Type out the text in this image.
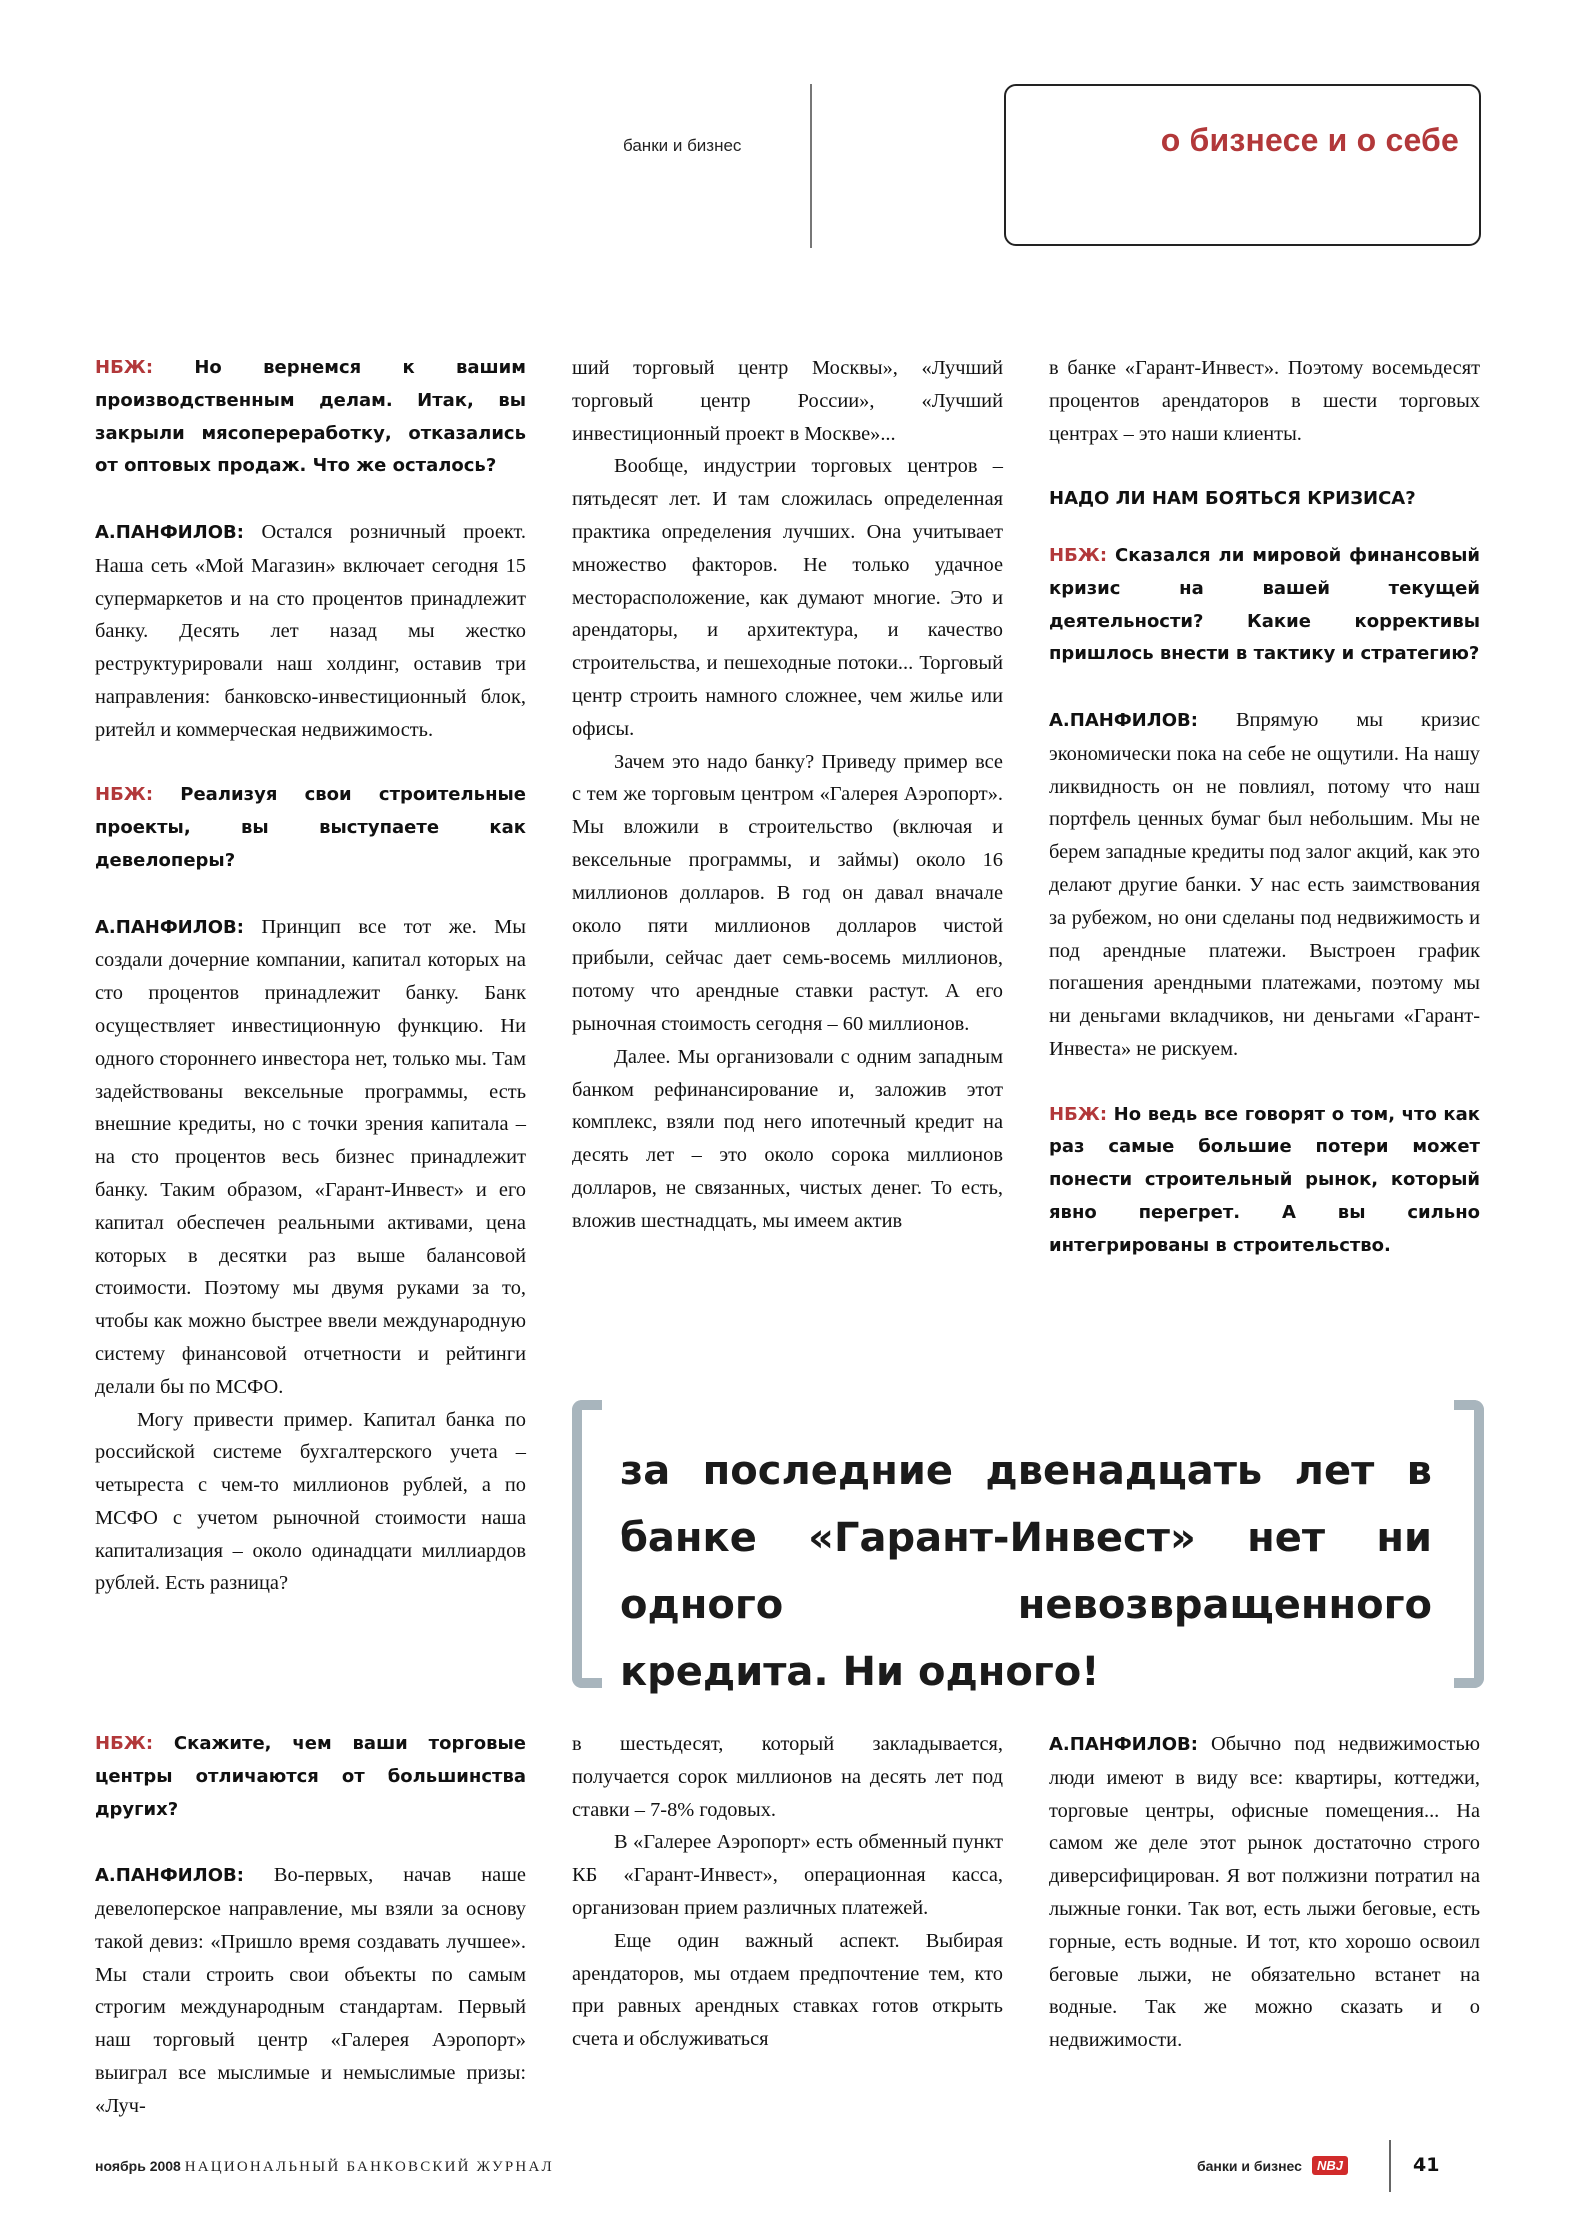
банки и бизнес	о бизнесе и о себе

НБЖ: Но вернемся к вашим производственным делам. Итак, вы закрыли мясопереработку, отказались от оптовых продаж. Что же осталось?

А.ПАНФИЛОВ: Остался розничный проект. Наша сеть «Мой Магазин» включает сегодня 15 супермаркетов и на сто процентов принадлежит банку. Десять лет назад мы жестко реструктурировали наш холдинг, оставив три направления: банковско-инвестиционный блок, ритейл и коммерческая недвижимость.

НБЖ: Реализуя свои строительные проекты, вы выступаете как девелоперы?

А.ПАНФИЛОВ: Принцип все тот же. Мы создали дочерние компании, капитал которых на сто процентов принадлежит банку. Банк осуществляет инвестиционную функцию. Ни одного стороннего инвестора нет, только мы. Там задействованы вексельные программы, есть внешние кредиты, но с точки зрения капитала – на сто процентов весь бизнес принадлежит банку. Таким образом, «Гарант-Инвест» и его капитал обеспечен реальными активами, цена которых в десятки раз выше балансовой стоимости. Поэтому мы двумя руками за то, чтобы как можно быстрее ввели международную систему финансовой отчетности и рейтинги делали бы по МСФО.

Могу привести пример. Капитал банка по российской системе бухгалтерского учета – четыреста с чем-то миллионов рублей, а по МСФО с учетом рыночной стоимости наша капитализация – около одинадцати миллиардов рублей. Есть разница?

ший торговый центр Москвы», «Лучший торговый центр России», «Лучший инвестиционный проект в Москве»...

Вообще, индустрии торговых центров – пятьдесят лет. И там сложилась определенная практика определения лучших. Она учитывает множество факторов. Не только удачное месторасположение, как думают многие. Это и арендаторы, и архитектура, и качество строительства, и пешеходные потоки... Торговый центр строить намного сложнее, чем жилье или офисы.

Зачем это надо банку? Приведу пример все с тем же торговым центром «Галерея Аэропорт». Мы вложили в строительство (включая и вексельные программы, и займы) около 16 миллионов долларов. В год он давал вначале около пяти миллионов долларов чистой прибыли, сейчас дает семь-восемь миллионов, потому что арендные ставки растут. А его рыночная стоимость сегодня – 60 миллионов.

Далее. Мы организовали с одним западным банком рефинансирование и, заложив этот комплекс, взяли под него ипотечный кредит на десять лет – это около сорока миллионов долларов, не связанных, чистых денег. То есть, вложив шестнадцать, мы имеем актив

в банке «Гарант-Инвест». Поэтому восемьдесят процентов арендаторов в шести торговых центрах – это наши клиенты.

НАДО ЛИ НАМ БОЯТЬСЯ КРИЗИСА?

НБЖ: Сказался ли мировой финансовый кризис на вашей текущей деятельности? Какие коррективы пришлось внести в тактику и стратегию?

А.ПАНФИЛОВ: Впрямую мы кризис экономически пока на себе не ощутили. На нашу ликвидность он не повлиял, потому что наш портфель ценных бумаг был небольшим. Мы не берем западные кредиты под залог акций, как это делают другие банки. У нас есть заимствования за рубежом, но они сделаны под недвижимость и под арендные платежи. Выстроен график погашения арендными платежами, поэтому мы ни деньгами вкладчиков, ни деньгами «Гарант-Инвеста» не рискуем.

НБЖ: Но ведь все говорят о том, что как раз самые большие потери может понести строительный рынок, который явно перегрет. А вы сильно интегрированы в строительство.

за последние двенадцать лет в банке «Гарант-Инвест» нет ни одного невозвращенного кредита. Ни одного!

НБЖ: Скажите, чем ваши торговые центры отличаются от большинства других?

А.ПАНФИЛОВ: Во-первых, начав наше девелоперское направление, мы взяли за основу такой девиз: «Пришло время создавать лучшее». Мы стали строить свои объекты по самым строгим международным стандартам. Первый наш торговый центр «Галерея Аэропорт» выиграл все мыслимые и немыслимые призы: «Луч-

в шестьдесят, который закладывается, получается сорок миллионов на десять лет под ставки – 7-8% годовых.

В «Галерее Аэропорт» есть обменный пункт КБ «Гарант-Инвест», операционная касса, организован прием различных платежей.

Еще один важный аспект. Выбирая арендаторов, мы отдаем предпочтение тем, кто при равных арендных ставках готов открыть счета и обслуживаться

А.ПАНФИЛОВ: Обычно под недвижимостью люди имеют в виду все: квартиры, коттеджи, торговые центры, офисные помещения... На самом же деле этот рынок достаточно строго диверсифицирован. Я вот полжизни потратил на лыжные гонки. Так вот, есть лыжи беговые, есть горные, есть водные. И тот, кто хорошо освоил беговые лыжи, не обязательно встанет на водные. Так же можно сказать и о недвижимости.

ноябрь 2008 НАЦИОНАЛЬНЫЙ БАНКОВСКИЙ ЖУРНАЛ	банки и бизнес	NBJ	41
